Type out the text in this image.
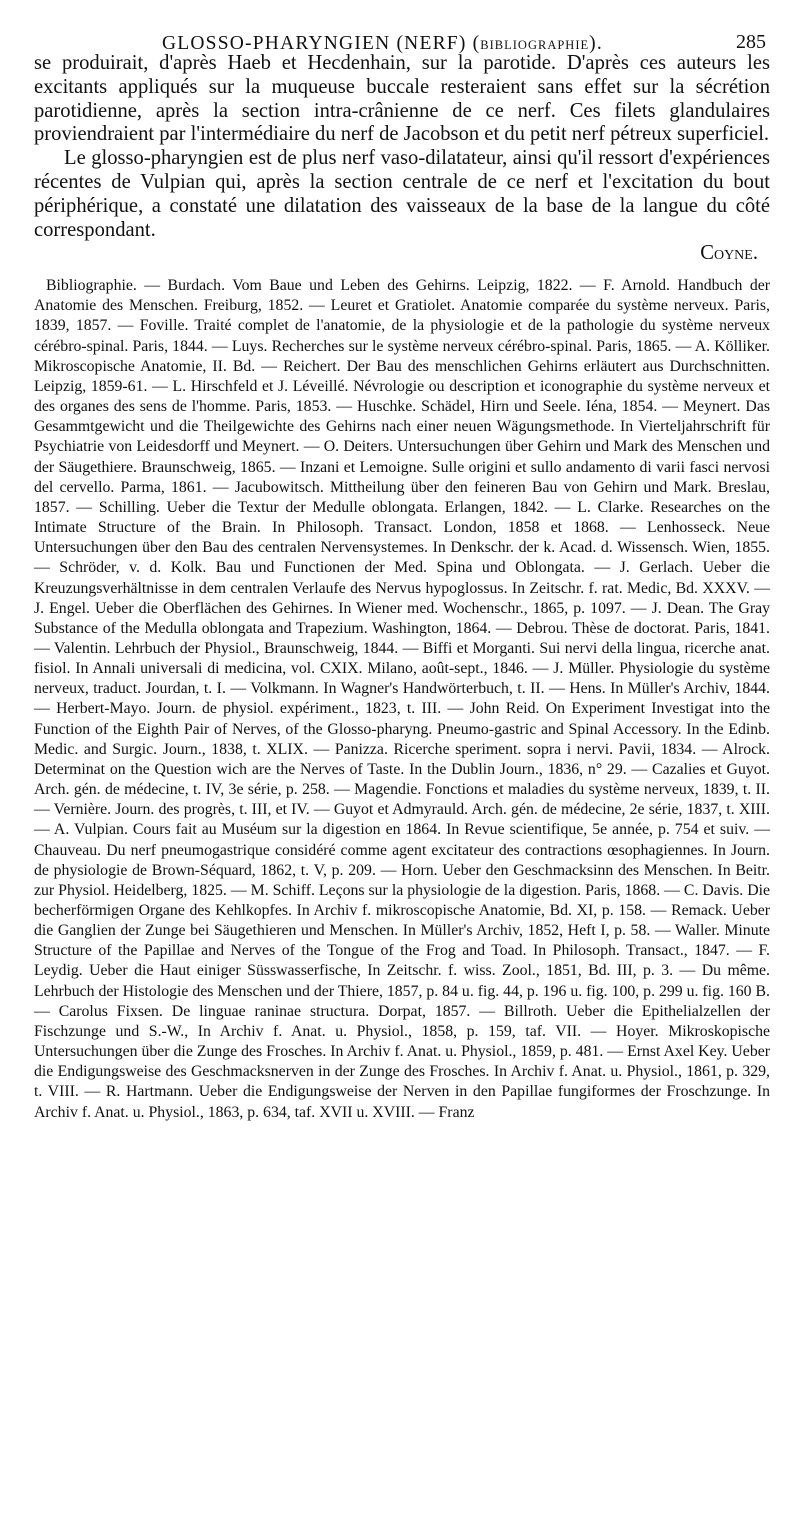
GLOSSO-PHARYNGIEN (NERF) (BIBLIOGRAPHIE).	285

se produirait, d'après Haeb et Hecdenhain, sur la parotide. D'après ces auteurs les excitants appliqués sur la muqueuse buccale resteraient sans effet sur la sécrétion parotidienne, après la section intra-crânienne de ce nerf. Ces filets glandulaires proviendraient par l'intermédiaire du nerf de Jacobson et du petit nerf pétreux superficiel.

Le glosso-pharyngien est de plus nerf vaso-dilatateur, ainsi qu'il ressort d'expériences récentes de Vulpian qui, après la section centrale de ce nerf et l'excitation du bout périphérique, a constaté une dilatation des vaisseaux de la base de la langue du côté correspondant.

Coyne.

Bibliographie. — Burdach. Vom Baue und Leben des Gehirns. Leipzig, 1822. — F. Arnold. Handbuch der Anatomie des Menschen. Freiburg, 1852. — Leuret et Gratiolet. Anatomie comparée du système nerveux. Paris, 1839, 1857. — Foville. Traité complet de l'anatomie, de la physiologie et de la pathologie du système nerveux cérébro-spinal. Paris, 1844. — Luys. Recherches sur le système nerveux cérébro-spinal. Paris, 1865. — A. Kölliker. Mikroscopische Anatomie, II. Bd. — Reichert. Der Bau des menschlichen Gehirns erläutert aus Durchschnitten. Leipzig, 1859-61. — L. Hirschfeld et J. Léveillé. Névrologie ou description et iconographie du système nerveux et des organes des sens de l'homme. Paris, 1853. — Huschke. Schädel, Hirn und Seele. Iéna, 1854. — Meynert. Das Gesammtgewicht und die Theilgewichte des Gehirns nach einer neuen Wägungsmethode. In Vierteljahrschrift für Psychiatrie von Leidesdorff und Meynert. — O. Deiters. Untersuchungen über Gehirn und Mark des Menschen und der Säugethiere. Braunschweig, 1865. — Inzani et Lemoigne. Sulle origini et sullo andamento di varii fasci nervosi del cervello. Parma, 1861. — Jacubowitsch. Mittheilung über den feineren Bau von Gehirn und Mark. Breslau, 1857. — Schilling. Ueber die Textur der Medulle oblongata. Erlangen, 1842. — L. Clarke. Researches on the Intimate Structure of the Brain. In Philosoph. Transact. London, 1858 et 1868. — Lenhosseck. Neue Untersuchungen über den Bau des centralen Nervensystemes. In Denkschr. der k. Acad. d. Wissensch. Wien, 1855. — Schröder, v. d. Kolk. Bau und Functionen der Med. Spina und Oblongata. — J. Gerlach. Ueber die Kreuzungsverhältnisse in dem centralen Verlaufe des Nervus hypoglossus. In Zeitschr. f. rat. Medic, Bd. XXXV. — J. Engel. Ueber die Oberflächen des Gehirnes. In Wiener med. Wochenschr., 1865, p. 1097. — J. Dean. The Gray Substance of the Medulla oblongata and Trapezium. Washington, 1864. — Debrou. Thèse de doctorat. Paris, 1841. — Valentin. Lehrbuch der Physiol., Braunschweig, 1844. — Biffi et Morganti. Sui nervi della lingua, ricerche anat. fisiol. In Annali universali di medicina, vol. CXIX. Milano, août-sept., 1846. — J. Müller. Physiologie du système nerveux, traduct. Jourdan, t. I. — Volkmann. In Wagner's Handwörterbuch, t. II. — Hens. In Müller's Archiv, 1844. — Herbert-Mayo. Journ. de physiol. expériment., 1823, t. III. — John Reid. On Experiment Investigat into the Function of the Eighth Pair of Nerves, of the Glosso-pharyng. Pneumo-gastric and Spinal Accessory. In the Edinb. Medic. and Surgic. Journ., 1838, t. XLIX. — Panizza. Ricerche speriment. sopra i nervi. Pavii, 1834. — Alrock. Determinat on the Question wich are the Nerves of Taste. In the Dublin Journ., 1836, n° 29. — Cazalies et Guyot. Arch. gén. de médecine, t. IV, 3e série, p. 258. — Magendie. Fonctions et maladies du système nerveux, 1839, t. II. — Vernière. Journ. des progrès, t. III, et IV. — Guyot et Admyrauld. Arch. gén. de médecine, 2e série, 1837, t. XIII. — A. Vulpian. Cours fait au Muséum sur la digestion en 1864. In Revue scientifique, 5e année, p. 754 et suiv. — Chauveau. Du nerf pneumogastrique considéré comme agent excitateur des contractions œsophagiennes. In Journ. de physiologie de Brown-Séquard, 1862, t. V, p. 209. — Horn. Ueber den Geschmacksinn des Menschen. In Beitr. zur Physiol. Heidelberg, 1825. — M. Schiff. Leçons sur la physiologie de la digestion. Paris, 1868. — C. Davis. Die becherförmigen Organe des Kehlkopfes. In Archiv f. mikroscopische Anatomie, Bd. XI, p. 158. — Remack. Ueber die Ganglien der Zunge bei Säugethieren und Menschen. In Müller's Archiv, 1852, Heft I, p. 58. — Waller. Minute Structure of the Papillae and Nerves of the Tongue of the Frog and Toad. In Philosoph. Transact., 1847. — F. Leydig. Ueber die Haut einiger Süsswasserfische, In Zeitschr. f. wiss. Zool., 1851, Bd. III, p. 3. — Du même. Lehrbuch der Histologie des Menschen und der Thiere, 1857, p. 84 u. fig. 44, p. 196 u. fig. 100, p. 299 u. fig. 160 B. — Carolus Fixsen. De linguae raninae structura. Dorpat, 1857. — Billroth. Ueber die Epithelialzellen der Fischzunge und S.-W., In Archiv f. Anat. u. Physiol., 1858, p. 159, taf. VII. — Hoyer. Mikroskopische Untersuchungen über die Zunge des Frosches. In Archiv f. Anat. u. Physiol., 1859, p. 481. — Ernst Axel Key. Ueber die Endigungsweise des Geschmacksnerven in der Zunge des Frosches. In Archiv f. Anat. u. Physiol., 1861, p. 329, t. VIII. — R. Hartmann. Ueber die Endigungsweise der Nerven in den Papillae fungiformes der Froschzunge. In Archiv f. Anat. u. Physiol., 1863, p. 634, taf. XVII u. XVIII. — Franz
